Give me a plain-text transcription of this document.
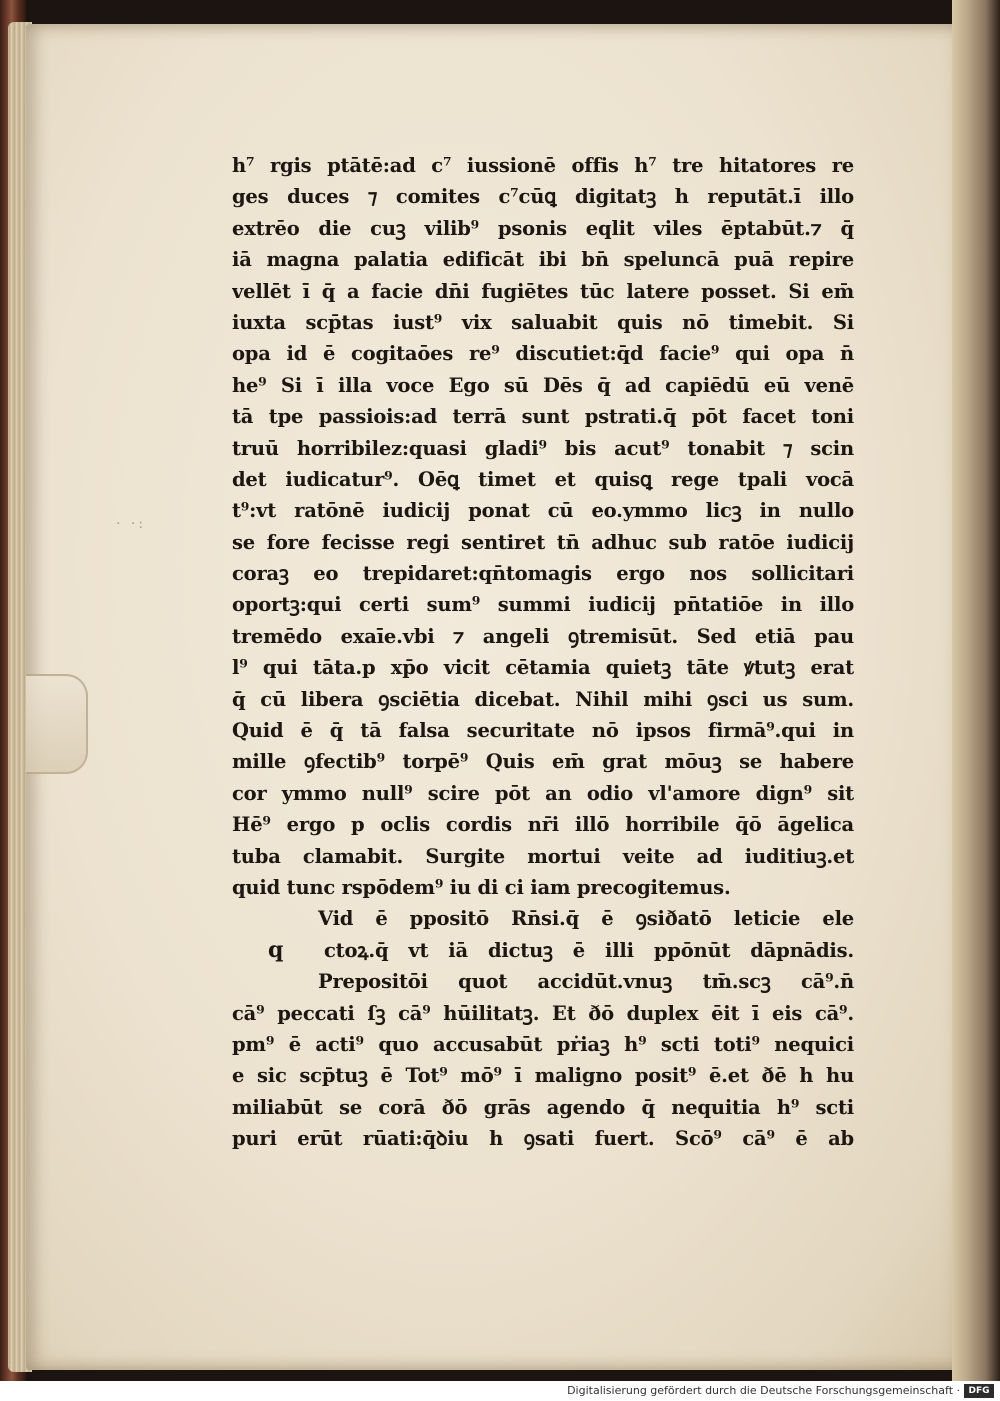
· ·:
h⁷ rgis ptātē:ad c⁷ iussionē offis h⁷ tre hitatores re
ges duces ⁊ comites c⁷cūꝗ digitatꝫ h reputāt.ī illo
extrēo die cuꝫ vilib⁹ psonis eqlit viles ēptabūt.⁊ q̄
iā magna palatia edificāt ibi bn̄ speluncā puā repire
vellēt ī q̄ a facie dn̄i fugiētes tūc latere posset. Si em̄
iuxta scp̄tas iust⁹ vix saluabit quis nō timebit. Si
opa id ē cogitaōes re⁹ discutiet:q̄d facie⁹ qui opa n̄
he⁹ Si ī illa voce Ego sū Dēs q̄ ad capiēdū eū venē
tā tpe passiois:ad terrā sunt pstrati.q̄ pōt facet toni
truū horribilez:quasi gladi⁹ bis acut⁹ tonabit ⁊ scin
det iudicatur⁹. Oēꝗ timet et quisꝗ rege tpali vocā
t⁹:vt ratōnē iudicij ponat cū eo.ymmo licꝫ in nullo
se fore fecisse regi sentiret tn̄ adhuc sub ratōe iudicij
coraꝫ eo trepidaret:qn̄tomagis ergo nos sollicitari
oportꝫ:qui certi sum⁹ summi iudicij pn̄tatiōe in illo
tremēdo exaīe.vbi ⁊ angeli ꝯtremisūt. Sed etiā pau
l⁹ qui tāta.p xp̄o vicit cētamia quietꝫ tāte ꝟtutꝫ erat
q̄ cū libera ꝯsciētia dicebat. Nihil mihi ꝯsci us sum.
Quid ē q̄ tā falsa securitate nō ipsos firmā⁹.qui in
mille ꝯfectib⁹ torpē⁹ Quis em̄ grat mōuꝫ se habere
cor ymmo null⁹ scire pōt an odio vl'amore dign⁹ sit
Hē⁹ ergo p oclis cordis nr̄i illō horribile q̄ō āgelica
tuba clamabit. Surgite mortui veite ad iuditiuꝫ.et
quid tunc rspōdem⁹ iu di ci iam precogitemus.
Vid ē ppositō Rn̄si.q̄ ē ꝯsiðatō leticie ele
q ctoꝝ.q̄ vt iā dictuꝫ ē illi ppōnūt dāpnādis.
Prepositōi quot accidūt.vnuꝫ tm̄.scꝫ cā⁹.n̄
cā⁹ peccati ſꝫ cā⁹ hūilitatꝫ. Et ðō duplex ēit ī eis cā⁹.
pm⁹ ē acti⁹ quo accusabūt pṙiaꝫ h⁹ scti toti⁹ nequici
e sic scp̄tuꝫ ē Tot⁹ mō⁹ ī maligno posit⁹ ē.et ðē h hu
miliabūt se corā ðō grās agendo q̄ nequitia h⁹ scti
puri erūt rūati:q̄ꝺiu h ꝯsati fuert. Scō⁹ cā⁹ ē ab
Digitalisierung gefördert durch die Deutsche Forschungsgemeinschaft · DFG
